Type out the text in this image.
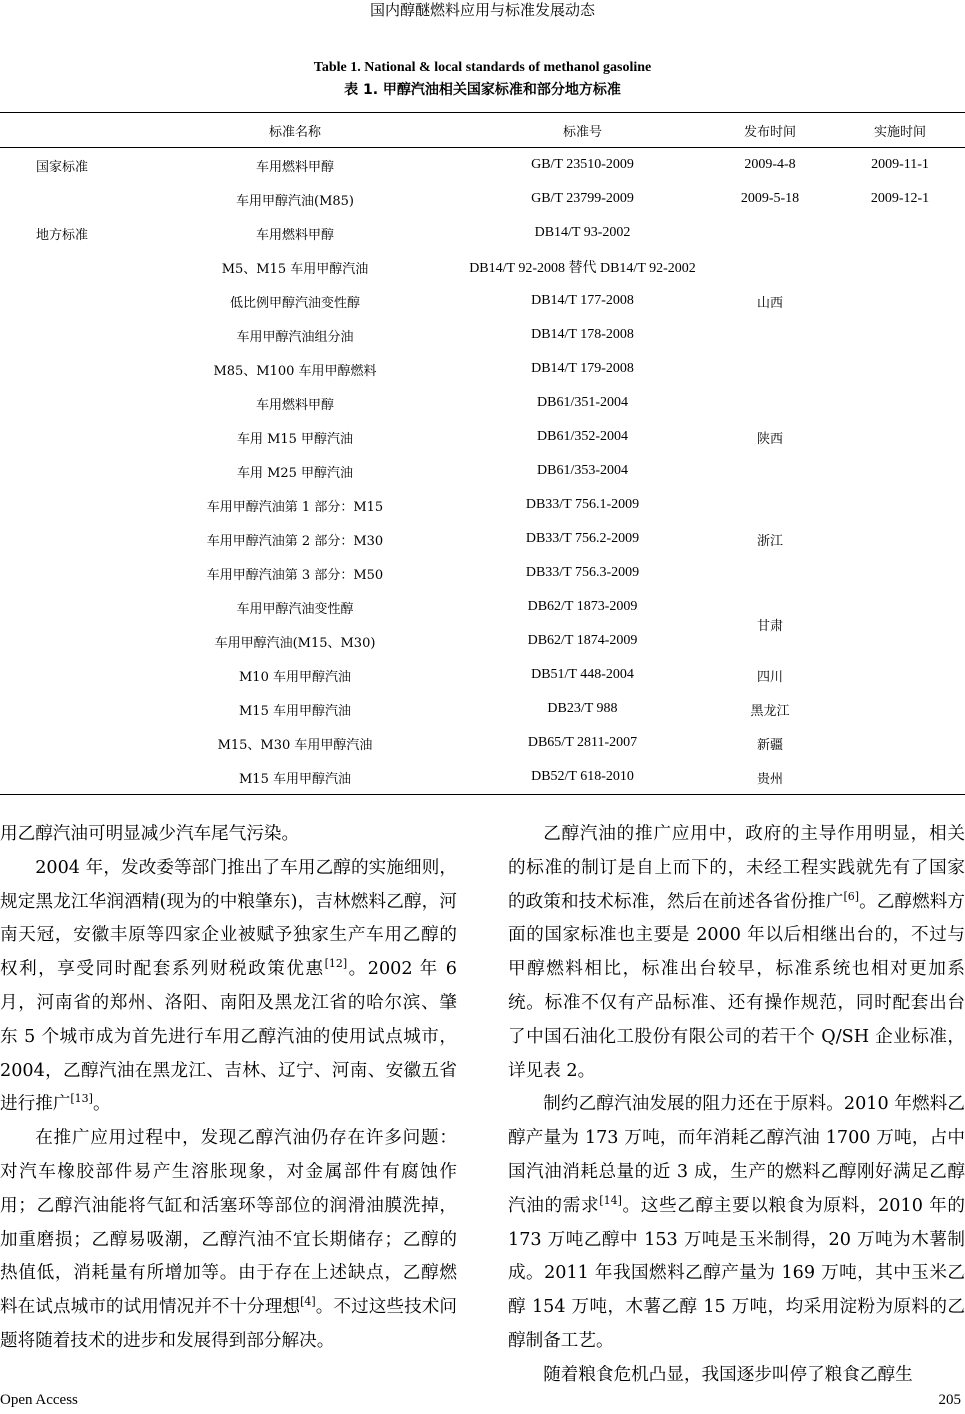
国内醇醚燃料应用与标准发展动态
Table 1. National & local standards of methanol gasoline
表 1. 甲醇汽油相关国家标准和部分地方标准
	标准名称	标准号	发布时间	实施时间
国家标准	车用燃料甲醇	GB/T 23510-2009	2009-4-8	2009-11-1
	车用甲醇汽油(M85)	GB/T 23799-2009	2009-5-18	2009-12-1
地方标准	车用燃料甲醇	DB14/T 93-2002		
	M5、M15 车用甲醇汽油	DB14/T 92-2008 替代 DB14/T 92-2002		
	低比例甲醇汽油变性醇	DB14/T 177-2008	山西	
	车用甲醇汽油组分油	DB14/T 178-2008		
	M85、M100 车用甲醇燃料	DB14/T 179-2008		
	车用燃料甲醇	DB61/351-2004		
	车用 M15 甲醇汽油	DB61/352-2004	陕西	
	车用 M25 甲醇汽油	DB61/353-2004		
	车用甲醇汽油第 1 部分：M15	DB33/T 756.1-2009		
	车用甲醇汽油第 2 部分：M30	DB33/T 756.2-2009	浙江	
	车用甲醇汽油第 3 部分：M50	DB33/T 756.3-2009		
	车用甲醇汽油变性醇	DB62/T 1873-2009	甘肃	
	车用甲醇汽油(M15、M30)	DB62/T 1874-2009		
	M10 车用甲醇汽油	DB51/T 448-2004	四川	
	M15 车用甲醇汽油	DB23/T 988	黑龙江	
	M15、M30 车用甲醇汽油	DB65/T 2811-2007	新疆	
	M15 车用甲醇汽油	DB52/T 618-2010	贵州	

用乙醇汽油可明显减少汽车尾气污染。

2004 年，发改委等部门推出了车用乙醇的实施细则，规定黑龙江华润酒精(现为的中粮肇东)，吉林燃料乙醇，河南天冠，安徽丰原等四家企业被赋予独家生产车用乙醇的权利，享受同时配套系列财税政策优惠[12]。2002 年 6 月，河南省的郑州、洛阳、南阳及黑龙江省的哈尔滨、肇东 5 个城市成为首先进行车用乙醇汽油的使用试点城市，2004，乙醇汽油在黑龙江、吉林、辽宁、河南、安徽五省进行推广[13]。

在推广应用过程中，发现乙醇汽油仍存在许多问题：对汽车橡胶部件易产生溶胀现象，对金属部件有腐蚀作用；乙醇汽油能将气缸和活塞环等部位的润滑油膜洗掉，加重磨损；乙醇易吸潮，乙醇汽油不宜长期储存；乙醇的热值低，消耗量有所增加等。由于存在上述缺点，乙醇燃料在试点城市的试用情况并不十分理想[4]。不过这些技术问题将随着技术的进步和发展得到部分解决。

乙醇汽油的推广应用中，政府的主导作用明显，相关的标准的制订是自上而下的，未经工程实践就先有了国家的政策和技术标准，然后在前述各省份推广[6]。乙醇燃料方面的国家标准也主要是 2000 年以后相继出台的，不过与甲醇燃料相比，标准出台较早，标准系统也相对更加系统。标准不仅有产品标准、还有操作规范，同时配套出台了中国石油化工股份有限公司的若干个 Q/SH 企业标准，详见表 2。

制约乙醇汽油发展的阻力还在于原料。2010 年燃料乙醇产量为 173 万吨，而年消耗乙醇汽油 1700 万吨，占中国汽油消耗总量的近 3 成，生产的燃料乙醇刚好满足乙醇汽油的需求[14]。这些乙醇主要以粮食为原料，2010 年的 173 万吨乙醇中 153 万吨是玉米制得，20 万吨为木薯制成。2011 年我国燃料乙醇产量为 169 万吨，其中玉米乙醇 154 万吨，木薯乙醇 15 万吨，均采用淀粉为原料的乙醇制备工艺。

随着粮食危机凸显，我国逐步叫停了粮食乙醇生

Open Access	205
